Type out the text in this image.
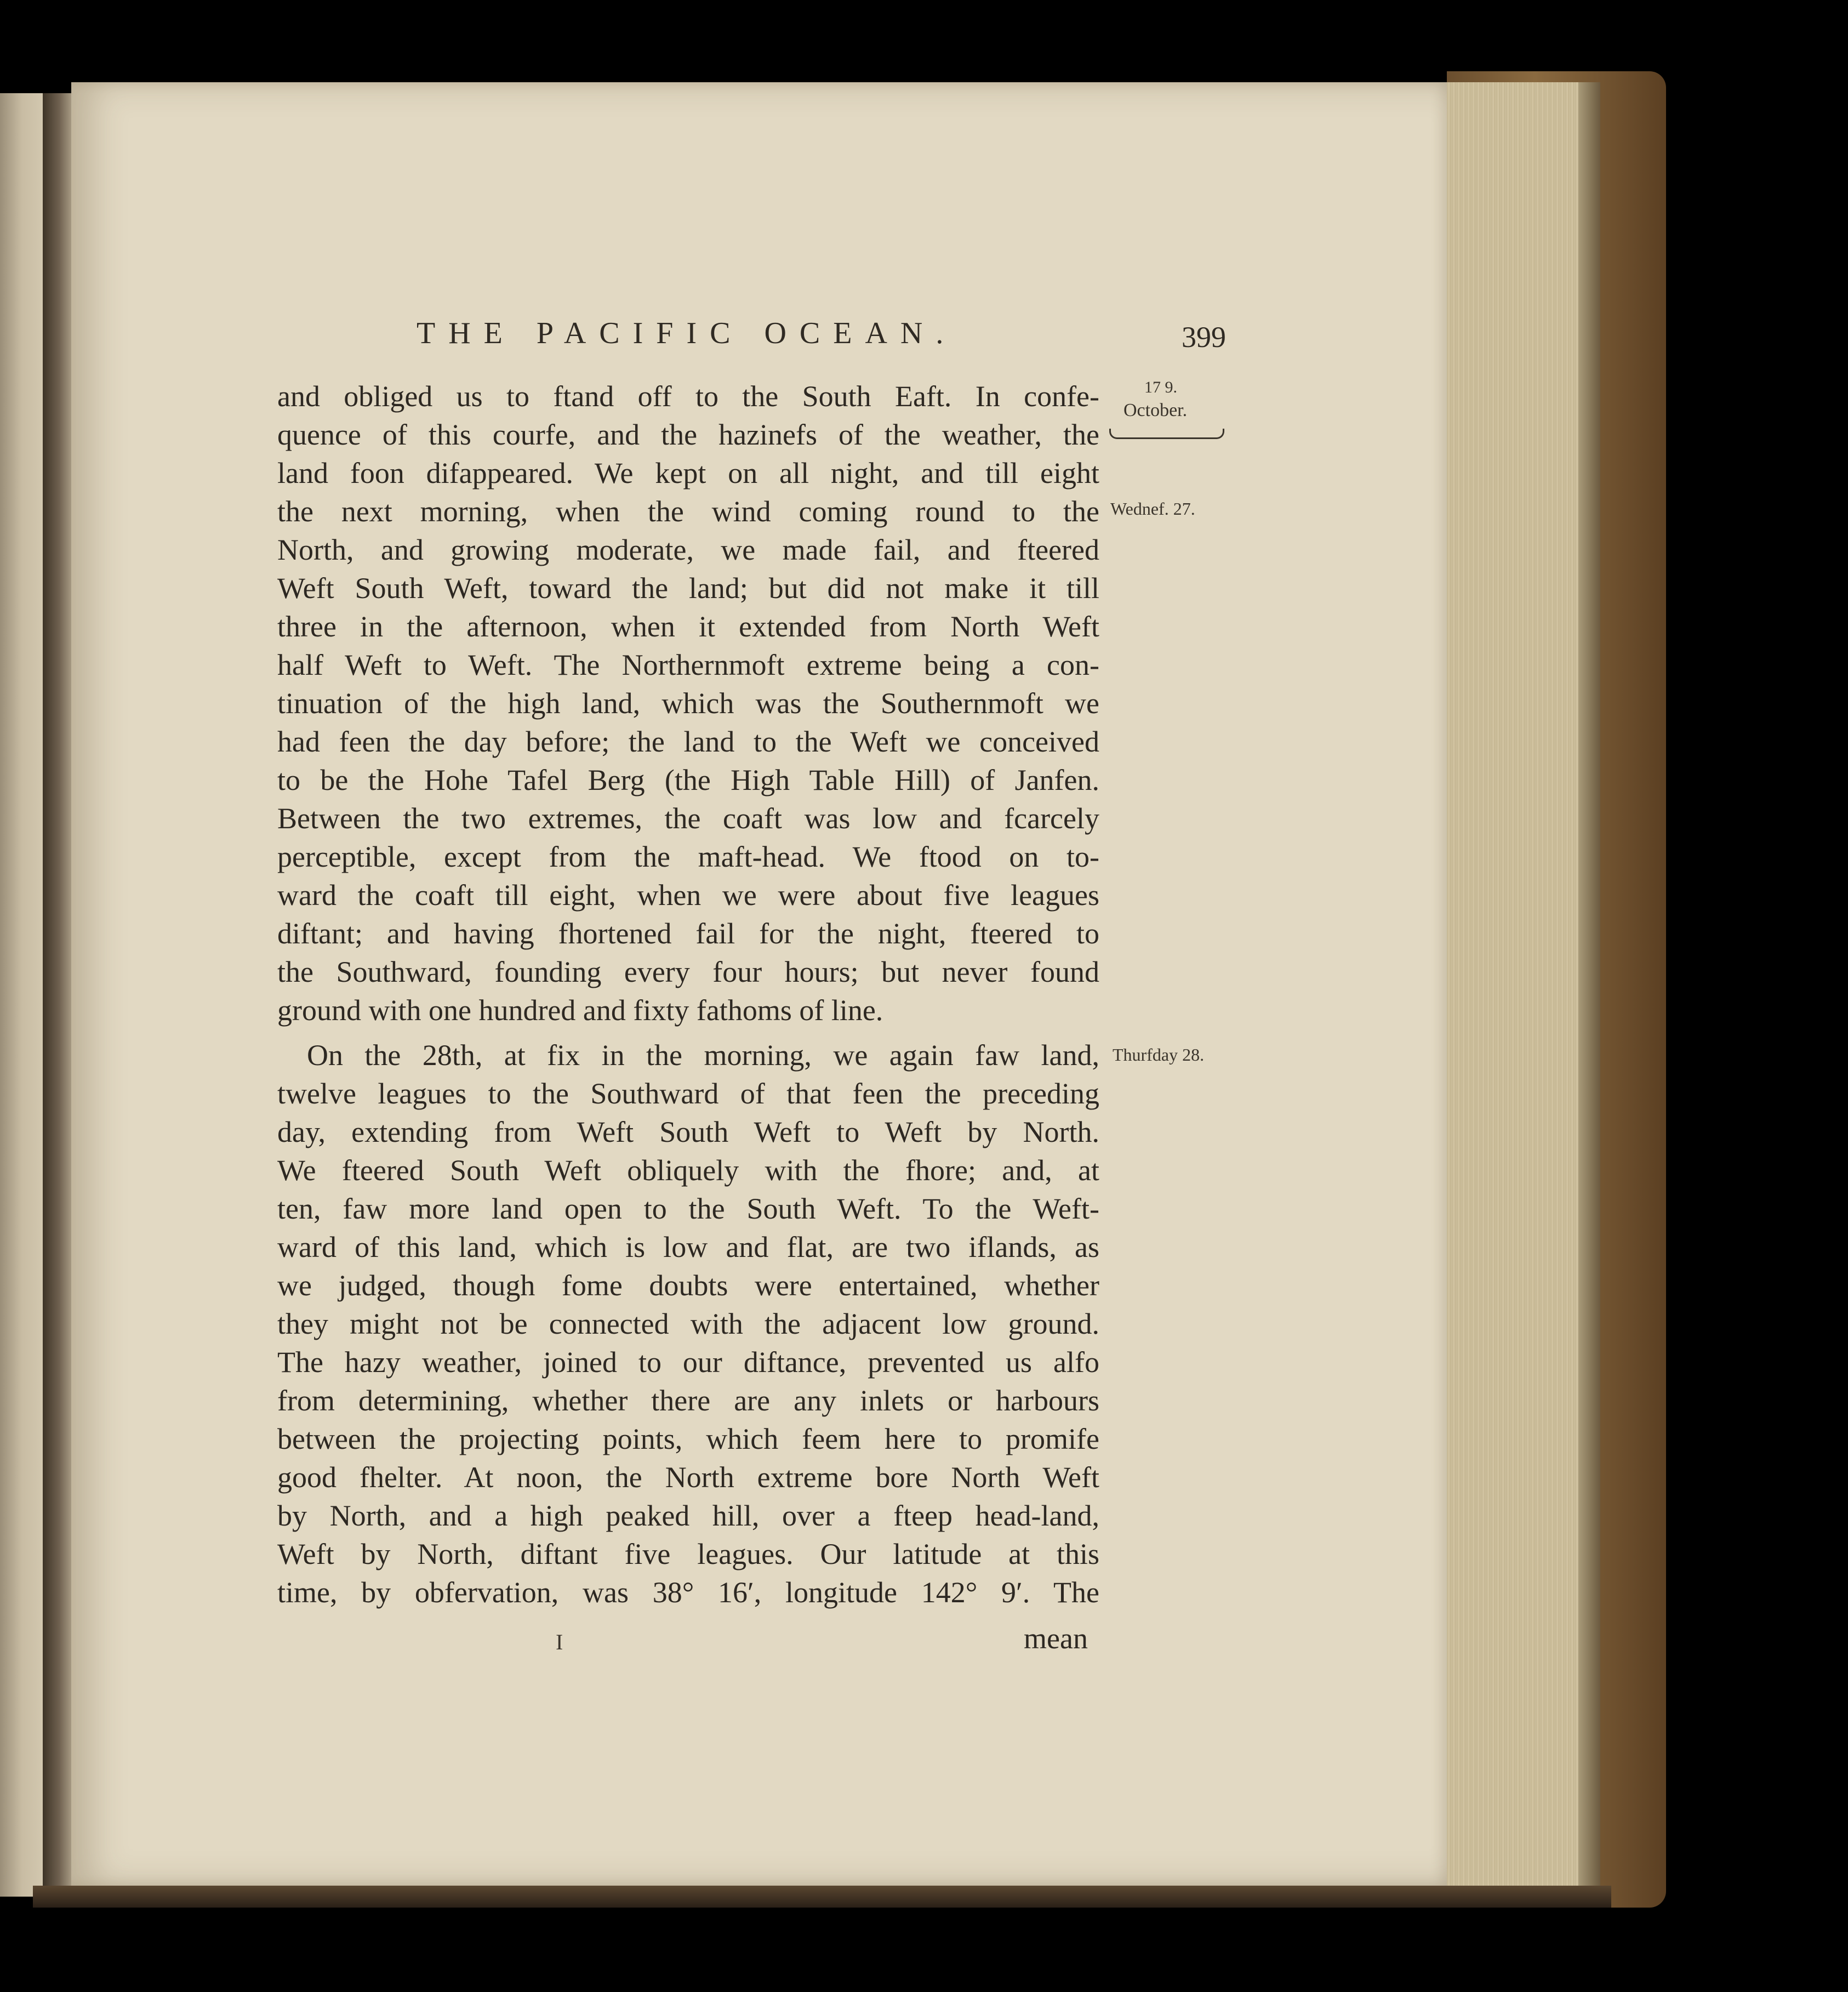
THE PACIFIC OCEAN.	399
17 9.
October.
Wednef. 27.
Thurfday 28.
and obliged us to ftand off to the South Eaft. In confe-
quence of this courfe, and the hazinefs of the weather, the
land foon difappeared. We kept on all night, and till eight
the next morning, when the wind coming round to the
North, and growing moderate, we made fail, and fteered
Weft South Weft, toward the land; but did not make it till
three in the afternoon, when it extended from North Weft
half Weft to Weft. The Northernmoft extreme being a con-
tinuation of the high land, which was the Southernmoft we
had feen the day before; the land to the Weft we conceived
to be the Hohe Tafel Berg (the High Table Hill) of Janfen.
Between the two extremes, the coaft was low and fcarcely
perceptible, except from the maft-head. We ftood on to-
ward the coaft till eight, when we were about five leagues
diftant; and having fhortened fail for the night, fteered to
the Southward, founding every four hours; but never found
ground with one hundred and fixty fathoms of line.
On the 28th, at fix in the morning, we again faw land,
twelve leagues to the Southward of that feen the preceding
day, extending from Weft South Weft to Weft by North.
We fteered South Weft obliquely with the fhore; and, at
ten, faw more land open to the South Weft. To the Weft-
ward of this land, which is low and flat, are two iflands, as
we judged, though fome doubts were entertained, whether
they might not be connected with the adjacent low ground.
The hazy weather, joined to our diftance, prevented us alfo
from determining, whether there are any inlets or harbours
between the projecting points, which feem here to promife
good fhelter. At noon, the North extreme bore North Weft
by North, and a high peaked hill, over a fteep head-land,
Weft by North, diftant five leagues. Our latitude at this
time, by obfervation, was 38° 16′, longitude 142° 9′. The
I	mean
